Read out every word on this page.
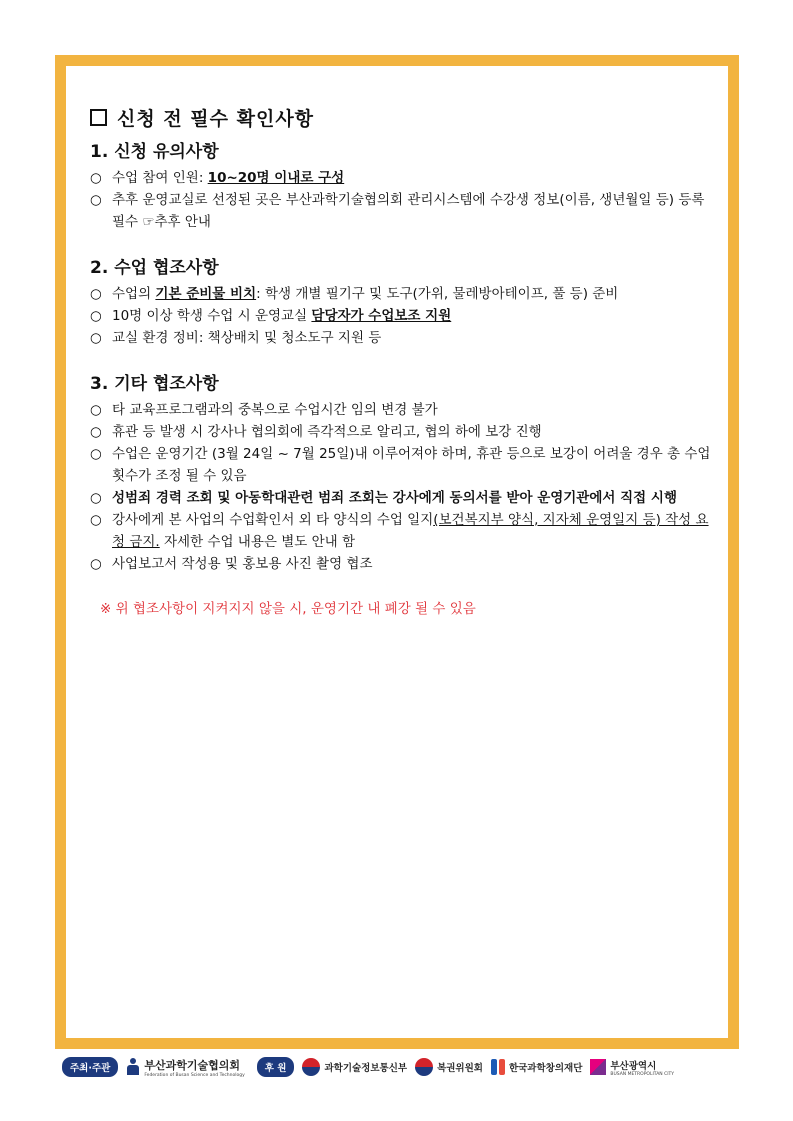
신청 전 필수 확인사항
1. 신청 유의사항

○ 수업 참여 인원: 10~20명 이내로 구성

○ 추후 운영교실로 선정된 곳은 부산과학기술협의회 관리시스템에 수강생 정보(이름, 생년월일 등) 등록 필수 ☞추후 안내

2. 수업 협조사항

○ 수업의 기본 준비물 비치: 학생 개별 필기구 및 도구(가위, 물레방아테이프, 풀 등) 준비

○ 10명 이상 학생 수업 시 운영교실 담당자가 수업보조 지원

○ 교실 환경 정비: 책상배치 및 청소도구 지원 등

3. 기타 협조사항

○ 타 교육프로그램과의 중복으로 수업시간 임의 변경 불가

○ 휴관 등 발생 시 강사나 협의회에 즉각적으로 알리고, 협의 하에 보강 진행

○ 수업은 운영기간 (3월 24일 ~ 7월 25일)내 이루어져야 하며, 휴관 등으로 보강이 어려울 경우 총 수업횟수가 조정 될 수 있음

○ 성범죄 경력 조회 및 아동학대관련 범죄 조회는 강사에게 동의서를 받아 운영기관에서 직접 시행

○ 강사에게 본 사업의 수업확인서 외 타 양식의 수업 일지(보건복지부 양식, 지자체 운영일지 등) 작성 요청 금지. 자세한 수업 내용은 별도 안내 함

○ 사업보고서 작성용 및 홍보용 사진 촬영 협조

※ 위 협조사항이 지켜지지 않을 시, 운영기간 내 폐강 될 수 있음
주최·주관	부산과학기술협의회
Federation of Busan Science and Technology
후 원	과학기술정보통신부	복권위원회	한국과학창의재단	부산광역시
BUSAN METROPOLITAN CITY
